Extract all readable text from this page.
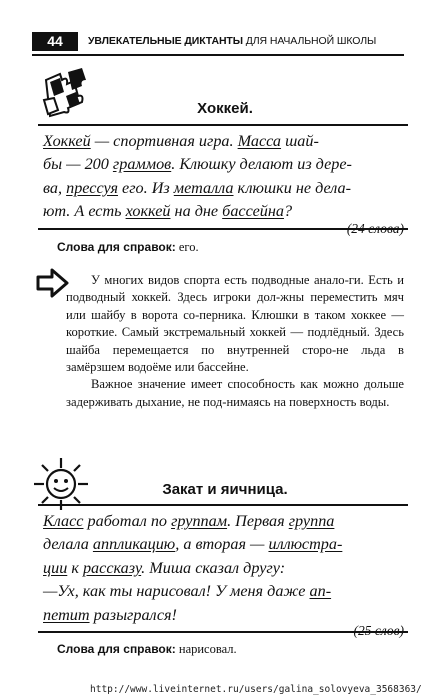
44	УВЛЕКАТЕЛЬНЫЕ ДИКТАНТЫ ДЛЯ НАЧАЛЬНОЙ ШКОЛЫ
Хоккей.
Хоккей — спортивная игра. Масса шай-
бы — 200 граммов. Клюшку делают из дере-
ва, прессуя его. Из металла клюшки не дела-
ют. А есть хоккей на дне бассейна?
(24 слова)
Слова для справок: его.

У многих видов спорта есть подводные анало-ги. Есть и подводный хоккей. Здесь игроки дол-жны переместить мяч или шайбу в ворота со-перника. Клюшки в таком хоккее — короткие. Самый экстремальный хоккей — подлёдный. Здесь шайба перемещается по внутренней сторо-не льда в замёрзшем водоёме или бассейне.

Важное значение имеет способность как можно дольше задерживать дыхание, не под-нимаясь на поверхность воды.

Закат и яичница.
Класс работал по группам. Первая группа
делала аппликацию, а вторая — иллюстра-
ции к рассказу. Миша сказал другу:
—Ух, как ты нарисовал! У меня даже ап-
петит разыгрался!
(25 слов)
Слова для справок: нарисовал.
http://www.liveinternet.ru/users/galina_solovyeva_3568363/
